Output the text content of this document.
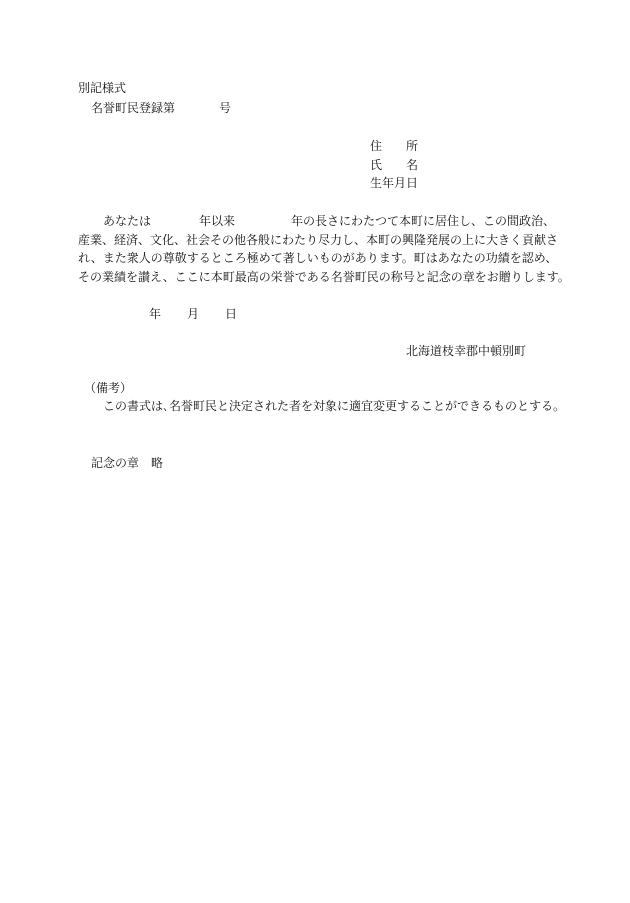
別記様式
名誉町民登録第	号
住　　所
氏　　名
生年月日
あなたは	年以来	年の長さにわたつて本町に居住し、この間政治、
産業、経済、文化、社会その他各般にわたり尽力し、本町の興隆発展の上に大きく貢献さ
れ、また衆人の尊敬するところ極めて著しいものがあります。町はあなたの功績を認め、
その業績を讃え、ここに本町最高の栄誉である名誉町民の称号と記念の章をお贈りします。
年 月 日
北海道枝幸郡中頓別町
（備考）
この書式は､名誉町民と決定された者を対象に適宜変更することができるものとする。
記念の章　略
